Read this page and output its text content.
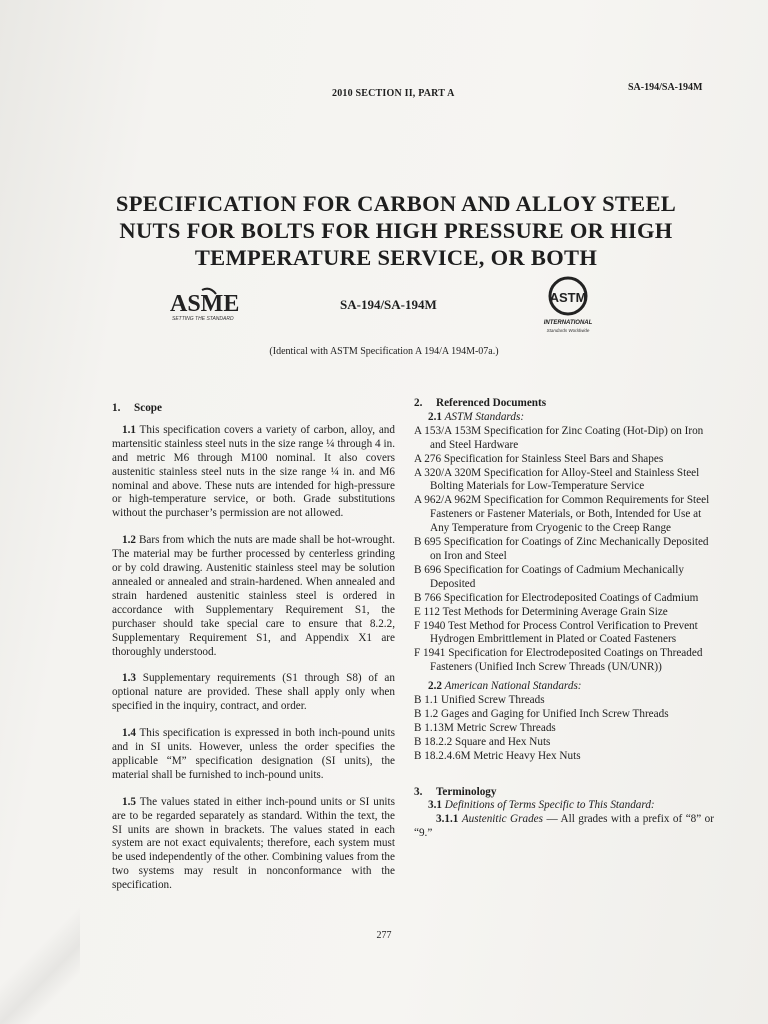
2010 SECTION II, PART A
SA-194/SA-194M
SPECIFICATION FOR CARBON AND ALLOY STEEL NUTS FOR BOLTS FOR HIGH PRESSURE OR HIGH TEMPERATURE SERVICE, OR BOTH
ASME
SETTING THE STANDARD
SA-194/SA-194M	ASTM
INTERNATIONAL
Standards Worldwide
(Identical with ASTM Specification A 194/A 194M-07a.)
1. Scope

1.1 This specification covers a variety of carbon, alloy, and martensitic stainless steel nuts in the size range ¼ through 4 in. and metric M6 through M100 nominal. It also covers austenitic stainless steel nuts in the size range ¼ in. and M6 nominal and above. These nuts are intended for high-pressure or high-temperature service, or both. Grade substitutions without the purchaser’s permission are not allowed.

1.2 Bars from which the nuts are made shall be hot-wrought. The material may be further processed by centerless grinding or by cold drawing. Austenitic stainless steel may be solution annealed or annealed and strain-hardened. When annealed and strain hardened austenitic stainless steel is ordered in accordance with Supplementary Requirement S1, the purchaser should take special care to ensure that 8.2.2, Supplementary Requirement S1, and Appendix X1 are thoroughly understood.

1.3 Supplementary requirements (S1 through S8) of an optional nature are provided. These shall apply only when specified in the inquiry, contract, and order.

1.4 This specification is expressed in both inch-pound units and in SI units. However, unless the order specifies the applicable “M” specification designation (SI units), the material shall be furnished to inch-pound units.

1.5 The values stated in either inch-pound units or SI units are to be regarded separately as standard. Within the text, the SI units are shown in brackets. The values stated in each system are not exact equivalents; therefore, each system must be used independently of the other. Combining values from the two systems may result in nonconformance with the specification.

2. Referenced Documents

2.1 ASTM Standards:

A 153/A 153M Specification for Zinc Coating (Hot-Dip) on Iron and Steel Hardware

A 276 Specification for Stainless Steel Bars and Shapes

A 320/A 320M Specification for Alloy-Steel and Stainless Steel Bolting Materials for Low-Temperature Service

A 962/A 962M Specification for Common Requirements for Steel Fasteners or Fastener Materials, or Both, Intended for Use at Any Temperature from Cryogenic to the Creep Range

B 695 Specification for Coatings of Zinc Mechanically Deposited on Iron and Steel

B 696 Specification for Coatings of Cadmium Mechanically Deposited

B 766 Specification for Electrodeposited Coatings of Cadmium

E 112 Test Methods for Determining Average Grain Size

F 1940 Test Method for Process Control Verification to Prevent Hydrogen Embrittlement in Plated or Coated Fasteners

F 1941 Specification for Electrodeposited Coatings on Threaded Fasteners (Unified Inch Screw Threads (UN/UNR))

2.2 American National Standards:

B 1.1 Unified Screw Threads

B 1.2 Gages and Gaging for Unified Inch Screw Threads

B 1.13M Metric Screw Threads

B 18.2.2 Square and Hex Nuts

B 18.2.4.6M Metric Heavy Hex Nuts

3. Terminology

3.1 Definitions of Terms Specific to This Standard:

3.1.1 Austenitic Grades — All grades with a prefix of “8” or “9.”

277
